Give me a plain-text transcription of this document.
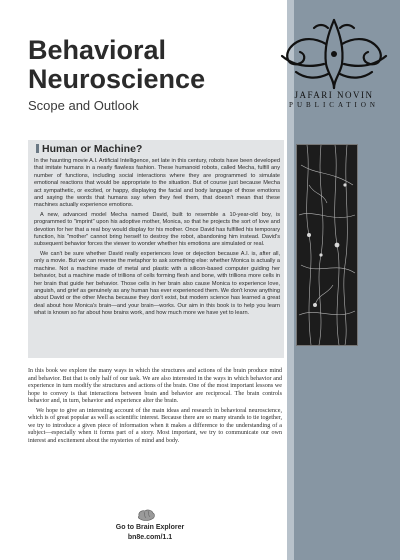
Behavioral
Neuroscience
Scope and Outlook
JAFARI NOVIN
PUBLICATION
Human or Machine?

In the haunting movie A.I. Artificial Intelligence, set late in this century, robots have been developed that imitate humans in a nearly flawless fashion. These humanoid robots, called Mecha, fulfill any number of functions, including social interactions where they are programmed to simulate emotional reactions that would be appropriate to the situation. But of course just because Mecha act sympathetic, or excited, or happy, displaying the facial and body language of those emotions and saying the words that humans say when they feel them, that doesn't mean that these machines actually experience emotions.

A new, advanced model Mecha named David, built to resemble a 10-year-old boy, is programmed to "imprint" upon his adoptive mother, Monica, so that he projects the sort of love and devotion for her that a real boy would display for his mother. Once David has fulfilled his temporary function, his "mother" cannot bring herself to destroy the robot, abandoning him instead. David's subsequent behavior forces the viewer to wonder whether his emotions are simulated or real.

We can't be sure whether David really experiences love or dejection because A.I. is, after all, only a movie. But we can reverse the metaphor to ask something else: whether Monica is actually a machine. Not a machine made of metal and plastic with a silicon-based computer guiding her behavior, but a machine made of trillions of cells forming flesh and bone, with trillions more cells in her brain that guide her behavior. Those cells in her brain also cause Monica to experience love, anguish, and grief as genuinely as any human has ever experienced them. We don't know anything about David or the other Mecha because they don't exist, but modern science has learned a great deal about how Monica's brain—and your brain—works. Our aim in this book is to help you learn what is known so far about how brains work, and how much more we have yet to learn.

In this book we explore the many ways in which the structures and actions of the brain produce mind and behavior. But that is only half of our task. We are also interested in the ways in which behavior and experience in turn modify the structures and actions of the brain. One of the most important lessons we hope to convey is that interactions between brain and behavior are reciprocal. The brain controls behavior and, in turn, behavior and experience alter the brain.

We hope to give an interesting account of the main ideas and research in behavioral neuroscience, which is of great popular as well as scientific interest. Because there are so many strands to tie together, we try to introduce a given piece of information when it makes a difference to the understanding of a subject—especially when it forms part of a story. Most important, we try to communicate our own interest and excitement about the mysteries of mind and body.

Go to Brain Explorer
bn8e.com/1.1
